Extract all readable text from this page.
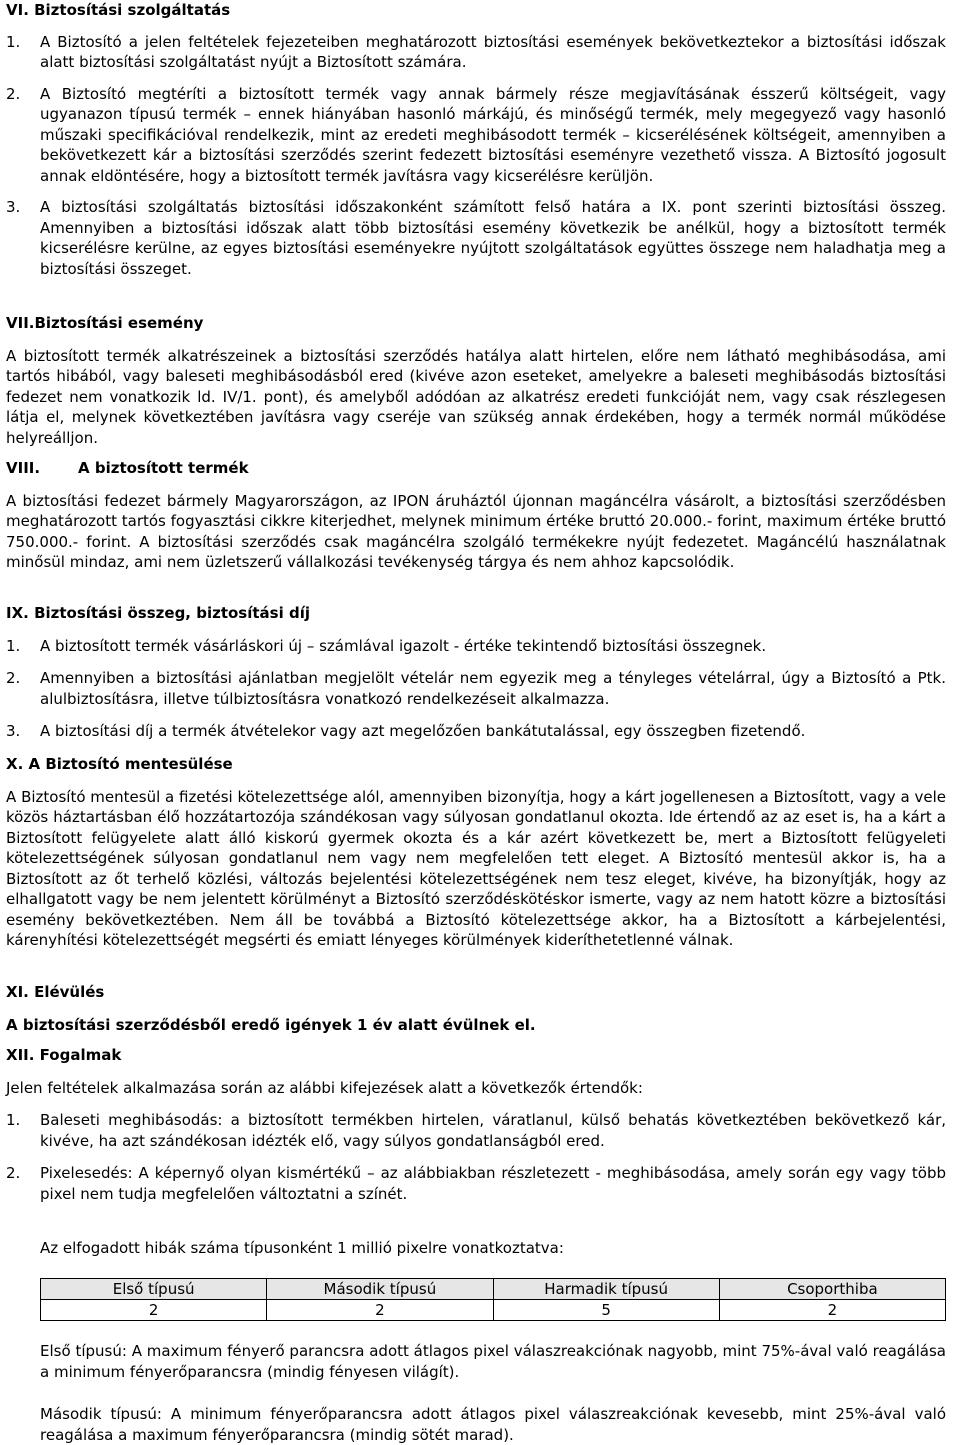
VI. Biztosítási szolgáltatás
1.	A Biztosító a jelen feltételek fejezeteiben meghatározott biztosítási események bekövetkeztekor a biztosítási időszak alatt biztosítási szolgáltatást nyújt a Biztosított számára.
2.	A Biztosító megtéríti a biztosított termék vagy annak bármely része megjavításának ésszerű költségeit, vagy ugyanazon típusú termék – ennek hiányában hasonló márkájú, és minőségű termék, mely megegyező vagy hasonló műszaki specifikációval rendelkezik, mint az eredeti meghibásodott termék – kicserélésének költségeit, amennyiben a bekövetkezett kár a biztosítási szerződés szerint fedezett biztosítási eseményre vezethető vissza. A Biztosító jogosult annak eldöntésére, hogy a biztosított termék javításra vagy kicserélésre kerüljön.
3.	A biztosítási szolgáltatás biztosítási időszakonként számított felső határa a IX. pont szerinti biztosítási összeg. Amennyiben a biztosítási időszak alatt több biztosítási esemény következik be anélkül, hogy a biztosított termék kicserélésre kerülne, az egyes biztosítási eseményekre nyújtott szolgáltatások együttes összege nem haladhatja meg a biztosítási összeget.
VII.Biztosítási esemény

A biztosított termék alkatrészeinek a biztosítási szerződés hatálya alatt hirtelen, előre nem látható meghibásodása, ami tartós hibából, vagy baleseti meghibásodásból ered (kivéve azon eseteket, amelyekre a baleseti meghibásodás biztosítási fedezet nem vonatkozik ld. IV/1. pont), és amelyből adódóan az alkatrész eredeti funkcióját nem, vagy csak részlegesen látja el, melynek következtében javításra vagy cseréje van szükség annak érdekében, hogy a termék normál működése helyreálljon.

VIII.	A biztosított termék

A biztosítási fedezet bármely Magyarországon, az IPON áruháztól újonnan magáncélra vásárolt, a biztosítási szerződésben meghatározott tartós fogyasztási cikkre kiterjedhet, melynek minimum értéke bruttó 20.000.- forint, maximum értéke bruttó 750.000.- forint. A biztosítási szerződés csak magáncélra szolgáló termékekre nyújt fedezetet. Magáncélú használatnak minősül mindaz, ami nem üzletszerű vállalkozási tevékenység tárgya és nem ahhoz kapcsolódik.

IX. Biztosítási összeg, biztosítási díj
1.	A biztosított termék vásárláskori új – számlával igazolt - értéke tekintendő biztosítási összegnek.
2.	Amennyiben a biztosítási ajánlatban megjelölt vételár nem egyezik meg a tényleges vételárral, úgy a Biztosító a Ptk. alulbiztosításra, illetve túlbiztosításra vonatkozó rendelkezéseit alkalmazza.
3.	A biztosítási díj a termék átvételekor vagy azt megelőzően bankátutalással, egy összegben fizetendő.
X. A Biztosító mentesülése

A Biztosító mentesül a fizetési kötelezettsége alól, amennyiben bizonyítja, hogy a kárt jogellenesen a Biztosított, vagy a vele közös háztartásban élő hozzátartozója szándékosan vagy súlyosan gondatlanul okozta. Ide értendő az az eset is, ha a kárt a Biztosított felügyelete alatt álló kiskorú gyermek okozta és a kár azért következett be, mert a Biztosított felügyeleti kötelezettségének súlyosan gondatlanul nem vagy nem megfelelően tett eleget. A Biztosító mentesül akkor is, ha a Biztosított az őt terhelő közlési, változás bejelentési kötelezettségének nem tesz eleget, kivéve, ha bizonyítják, hogy az elhallgatott vagy be nem jelentett körülményt a Biztosító szerződéskötéskor ismerte, vagy az nem hatott közre a biztosítási esemény bekövetkeztében. Nem áll be továbbá a Biztosító kötelezettsége akkor, ha a Biztosított a kárbejelentési, kárenyhítési kötelezettségét megsérti és emiatt lényeges körülmények kideríthetetlenné válnak.

XI. Elévülés

A biztosítási szerződésből eredő igények 1 év alatt évülnek el.

XII. Fogalmak

Jelen feltételek alkalmazása során az alábbi kifejezések alatt a következők értendők:

1.	Baleseti meghibásodás: a biztosított termékben hirtelen, váratlanul, külső behatás következtében bekövetkező kár, kivéve, ha azt szándékosan idézték elő, vagy súlyos gondatlanságból ered.
2.	Pixelesedés: A képernyő olyan kismértékű – az alábbiakban részletezett - meghibásodása, amely során egy vagy több pixel nem tudja megfelelően változtatni a színét.

Az elfogadott hibák száma típusonként 1 millió pixelre vonatkoztatva:

Első típusú	Második típusú	Harmadik típusú	Csoporthiba
2	2	5	2

Első típusú: A maximum fényerő parancsra adott átlagos pixel válaszreakciónak nagyobb, mint 75%-ával való reagálása a minimum fényerőparancsra (mindig fényesen világít).

Második típusú: A minimum fényerőparancsra adott átlagos pixel válaszreakciónak kevesebb, mint 25%-ával való reagálása a maximum fényerőparancsra (mindig sötét marad).
